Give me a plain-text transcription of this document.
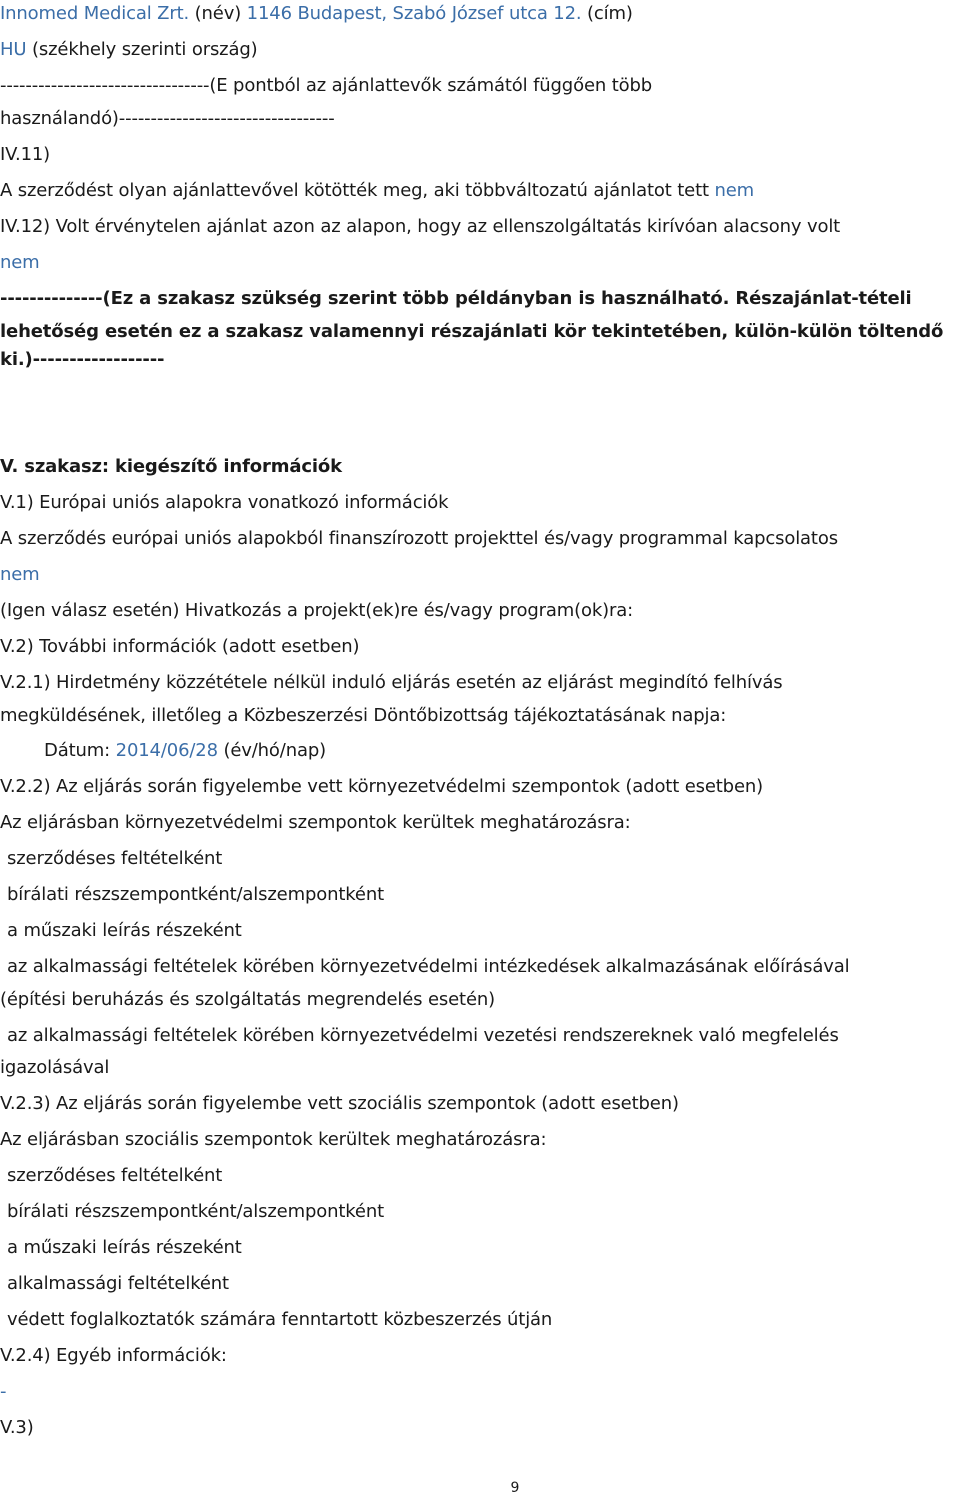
Innomed Medical Zrt. (név) 1146 Budapest, Szabó József utca 12. (cím)

HU (székhely szerinti ország)

---------------------------------(E pontból az ajánlattevők számától függően több

használandó)----------------------------------

IV.11)

A szerződést olyan ajánlattevővel kötötték meg, aki többváltozatú ajánlatot tett nem

IV.12) Volt érvénytelen ajánlat azon az alapon, hogy az ellenszolgáltatás kirívóan alacsony volt

nem

--------------(Ez a szakasz szükség szerint több példányban is használható. Részajánlat-tételi

lehetőség esetén ez a szakasz valamennyi részajánlati kör tekintetében, külön-külön töltendő

ki.)------------------

V. szakasz: kiegészítő információk

V.1) Európai uniós alapokra vonatkozó információk

A szerződés európai uniós alapokból finanszírozott projekttel és/vagy programmal kapcsolatos

nem

(Igen válasz esetén) Hivatkozás a projekt(ek)re és/vagy program(ok)ra:

V.2) További információk (adott esetben)

V.2.1) Hirdetmény közzététele nélkül induló eljárás esetén az eljárást megindító felhívás

megküldésének, illetőleg a Közbeszerzési Döntőbizottság tájékoztatásának napja:

Dátum: 2014/06/28 (év/hó/nap)

V.2.2) Az eljárás során figyelembe vett környezetvédelmi szempontok (adott esetben)

Az eljárásban környezetvédelmi szempontok kerültek meghatározásra:

szerződéses feltételként

bírálati részszempontként/alszempontként

a műszaki leírás részeként

az alkalmassági feltételek körében környezetvédelmi intézkedések alkalmazásának előírásával

(építési beruházás és szolgáltatás megrendelés esetén)

az alkalmassági feltételek körében környezetvédelmi vezetési rendszereknek való megfelelés

igazolásával

V.2.3) Az eljárás során figyelembe vett szociális szempontok (adott esetben)

Az eljárásban szociális szempontok kerültek meghatározásra:

szerződéses feltételként

bírálati részszempontként/alszempontként

a műszaki leírás részeként

alkalmassági feltételként

védett foglalkoztatók számára fenntartott közbeszerzés útján

V.2.4) Egyéb információk:

-

V.3)

9
